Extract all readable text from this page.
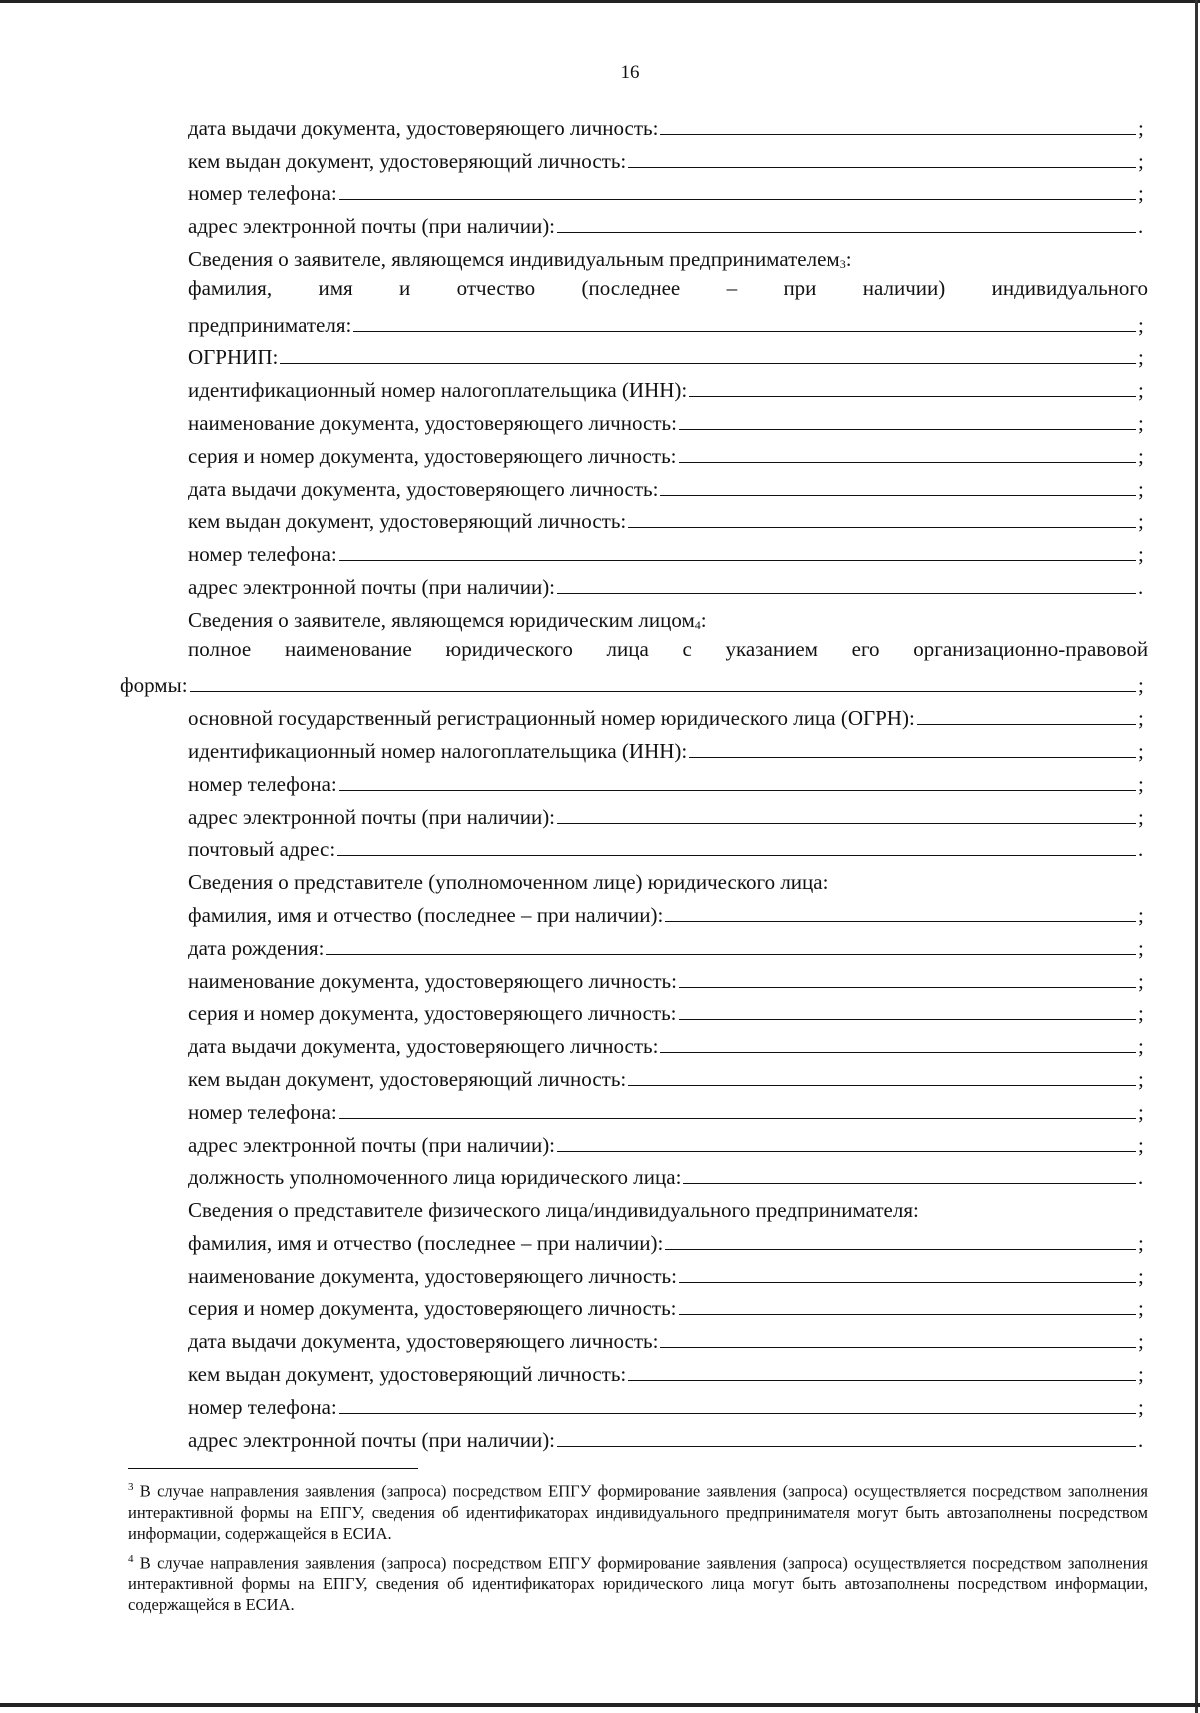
16
дата выдачи документа, удостоверяющего личность:	;
кем выдан документ, удостоверяющий личность:	;
номер телефона:	;
адрес электронной почты (при наличии):	.
Сведения о заявителе, являющемся индивидуальным предпринимателем$_3$ :
фамилия, имя и отчество (последнее – при наличии) индивидуального
предпринимателя:	;
ОГРНИП:	;
идентификационный номер налогоплательщика (ИНН):	;
наименование документа, удостоверяющего личность:	;
серия и номер документа, удостоверяющего личность:	;
дата выдачи документа, удостоверяющего личность:	;
кем выдан документ, удостоверяющий личность:	;
номер телефона:	;
адрес электронной почты (при наличии):	.
Сведения о заявителе, являющемся юридическим лицом$_4$ :
полное наименование юридического лица с указанием его организационно-правовой
формы:	;
основной государственный регистрационный номер юридического лица (ОГРН):	;
идентификационный номер налогоплательщика (ИНН):	;
номер телефона:	;
адрес электронной почты (при наличии):	;
почтовый адрес:	.
Сведения о представителе (уполномоченном лице) юридического лица:
фамилия, имя и отчество (последнее – при наличии):	;
дата рождения:	;
наименование документа, удостоверяющего личность:	;
серия и номер документа, удостоверяющего личность:	;
дата выдачи документа, удостоверяющего личность:	;
кем выдан документ, удостоверяющий личность:	;
номер телефона:	;
адрес электронной почты (при наличии):	;
должность уполномоченного лица юридического лица:	.
Сведения о представителе физического лица/индивидуального предпринимателя:
фамилия, имя и отчество (последнее – при наличии):	;
наименование документа, удостоверяющего личность:	;
серия и номер документа, удостоверяющего личность:	;
дата выдачи документа, удостоверяющего личность:	;
кем выдан документ, удостоверяющий личность:	;
номер телефона:	;
адрес электронной почты (при наличии):	.
$^3$ В случае направления заявления (запроса) посредством ЕПГУ формирование заявления (запроса) осуществляется посредством заполнения интерактивной формы на ЕПГУ, сведения об идентификаторах индивидуального предпринимателя могут быть автозаполнены посредством информации, содержащейся в ЕСИА.
$^4$ В случае направления заявления (запроса) посредством ЕПГУ формирование заявления (запроса) осуществляется посредством заполнения интерактивной формы на ЕПГУ, сведения об идентификаторах юридического лица могут быть автозаполнены посредством информации, содержащейся в ЕСИА.
